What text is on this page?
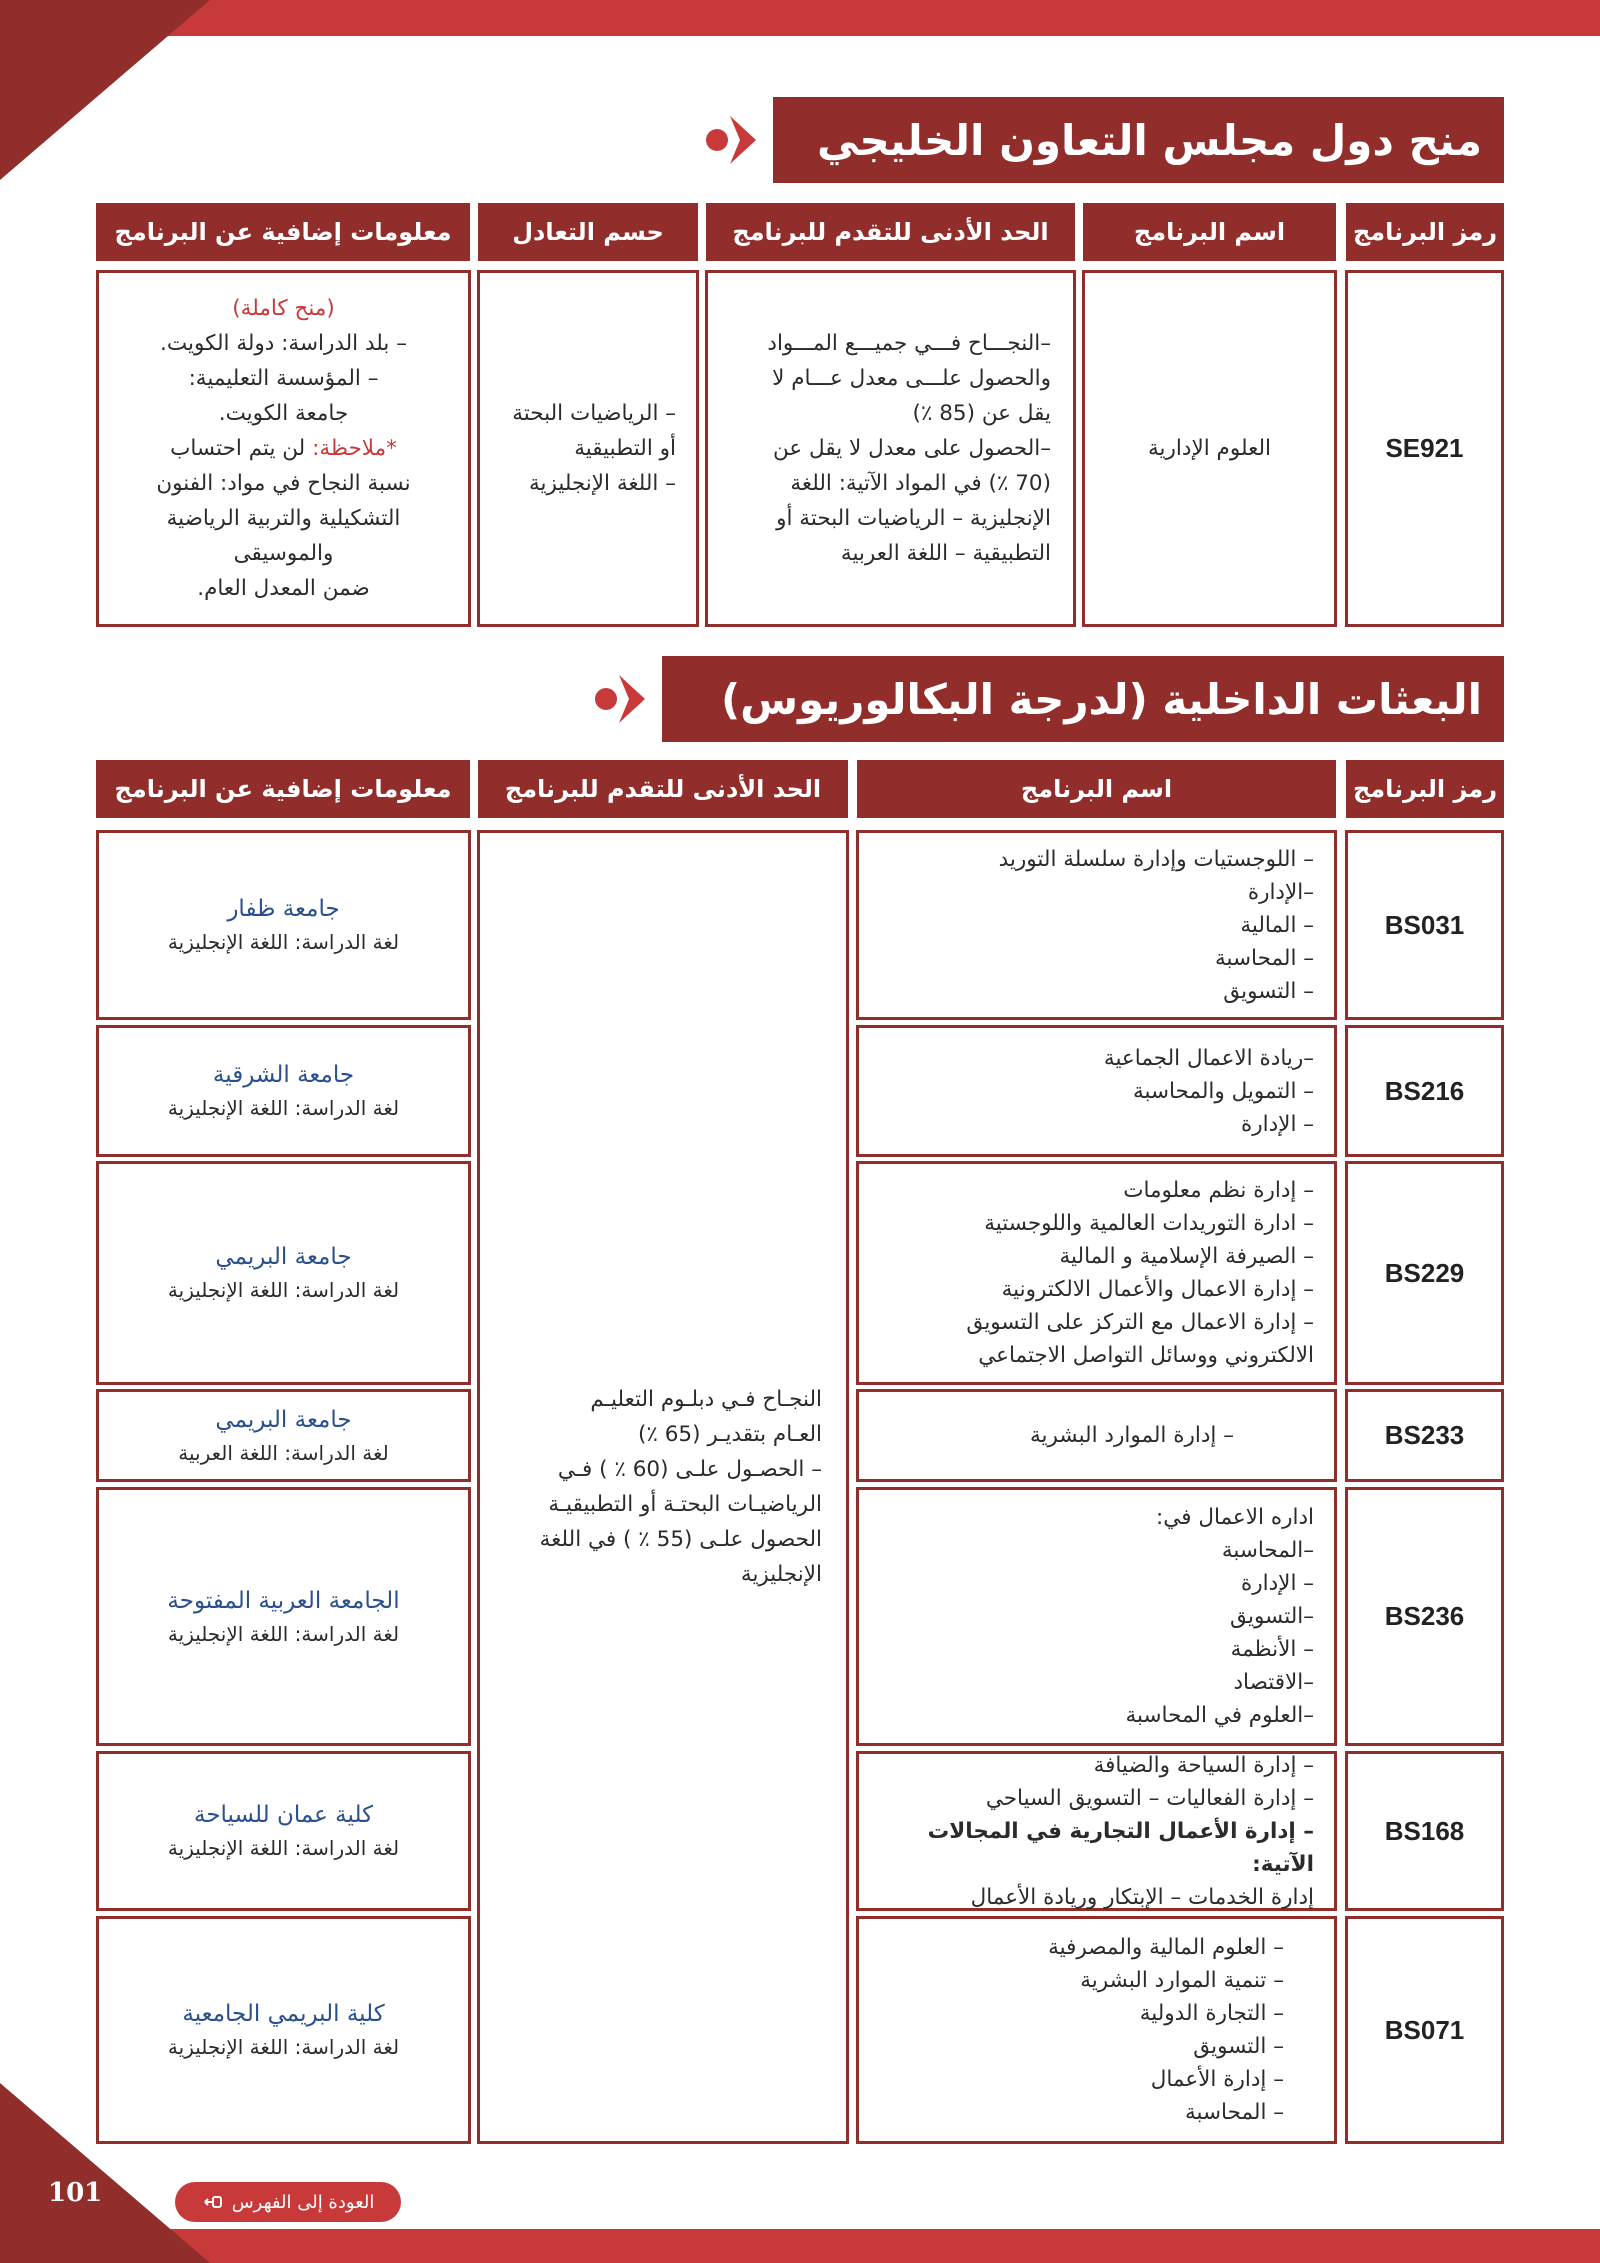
101	العودة إلى الفهرس
منح دول مجلس التعاون الخليجي
رمز البرنامج
اسم البرنامج
الحد الأدنى للتقدم للبرنامج
حسم التعادل
معلومات إضافية عن البرنامج
SE921
العلوم الإدارية
–النجـــاح فـــي جميـــع المـــواد
والحصول علـــى معدل عـــام لا
يقل عن (85 ٪)
–الحصول على معدل لا يقل عن
(70 ٪) في المواد الآتية: اللغة
الإنجليزية – الرياضيات البحتة أو
التطبيقية – اللغة العربية
– الرياضيات البحتة
أو التطبيقية
– اللغة الإنجليزية
(منح كاملة)
– بلد الدراسة: دولة الكويت.
– المؤسسة التعليمية:
جامعة الكويت.
*ملاحظة: لن يتم احتساب
نسبة النجاح في مواد: الفنون
التشكيلية والتربية الرياضية
والموسيقى
ضمن المعدل العام.
البعثات الداخلية (لدرجة البكالوريوس)
رمز البرنامج
اسم البرنامج
الحد الأدنى للتقدم للبرنامج
معلومات إضافية عن البرنامج
النجـاح فـي دبلـوم التعليـم
العـام بتقديـر (65 ٪)
– الحصـول علـى (60 ٪ ) فـي
الرياضيـات البحتـة أو التطبيقيـة
الحصول علـى (55 ٪ ) في اللغة
الإنجليزية
BS031
– اللوجستيات وإدارة سلسلة التوريد
–الإدارة
– المالية
– المحاسبة
– التسويق
جامعة ظفار
لغة الدراسة: اللغة الإنجليزية
BS216
–ريادة الاعمال الجماعية
– التمويل والمحاسبة
– الإدارة
جامعة الشرقية
لغة الدراسة: اللغة الإنجليزية
BS229
– إدارة نظم معلومات
– ادارة التوريدات العالمية واللوجستية
– الصيرفة الإسلامية و المالية
– إدارة الاعمال والأعمال الالكترونية
– إدارة الاعمال مع التركز على التسويق
الالكتروني ووسائل التواصل الاجتماعي
جامعة البريمي
لغة الدراسة: اللغة الإنجليزية
BS233
– إدارة الموارد البشرية
جامعة البريمي
لغة الدراسة: اللغة العربية
BS236
اداره الاعمال في:
–المحاسبة
– الإدارة
–التسويق
– الأنظمة
–الاقتصاد
–العلوم في المحاسبة
الجامعة العربية المفتوحة
لغة الدراسة: اللغة الإنجليزية
BS168
– إدارة السياحة والضيافة
– إدارة الفعاليات – التسويق السياحي
– إدارة الأعمال التجارية في المجالات الآتية:
إدارة الخدمات – الإبتكار وريادة الأعمال
كلية عمان للسياحة
لغة الدراسة: اللغة الإنجليزية
BS071
– العلوم المالية والمصرفية
– تنمية الموارد البشرية
– التجارة الدولية
– التسويق
– إدارة الأعمال
– المحاسبة
كلية البريمي الجامعية
لغة الدراسة: اللغة الإنجليزية
